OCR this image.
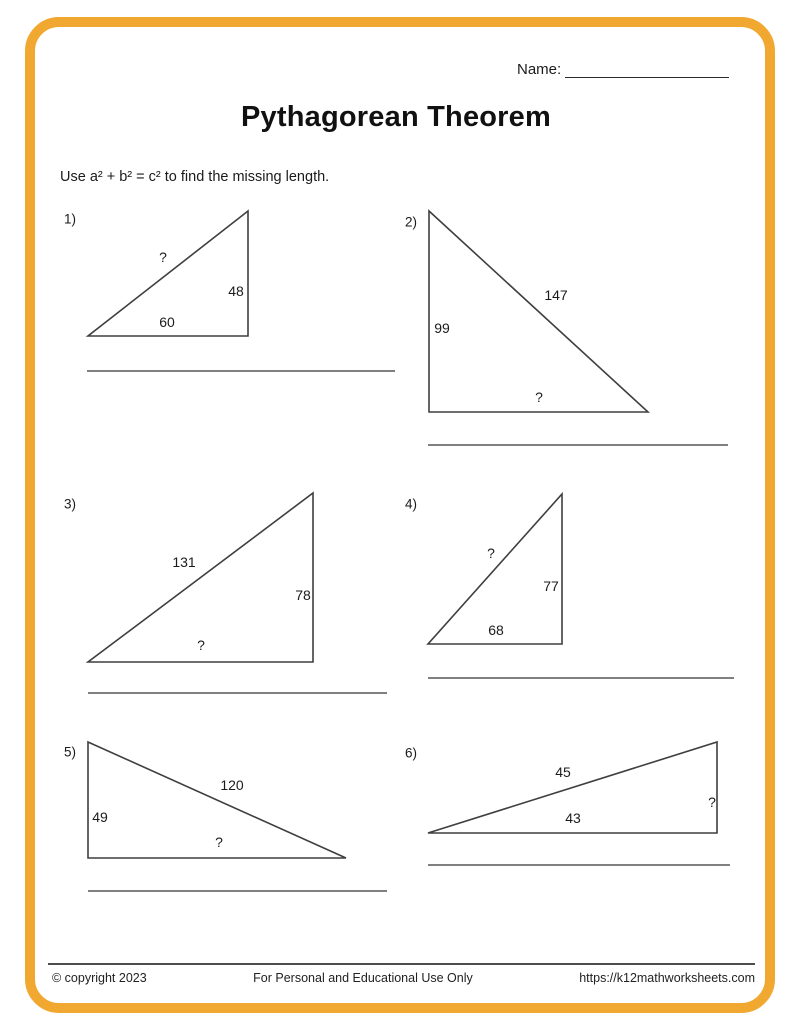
Name:
Pythagorean Theorem
Use a² + b² = c² to find the missing length.
1)
?
48
60
2)
147
99
?
3)
131
78
?
4)
?
77
68
5)
120
49
?
6)
45
43
?
© copyright 2023	For Personal and Educational Use Only	https://k12mathworksheets.com
